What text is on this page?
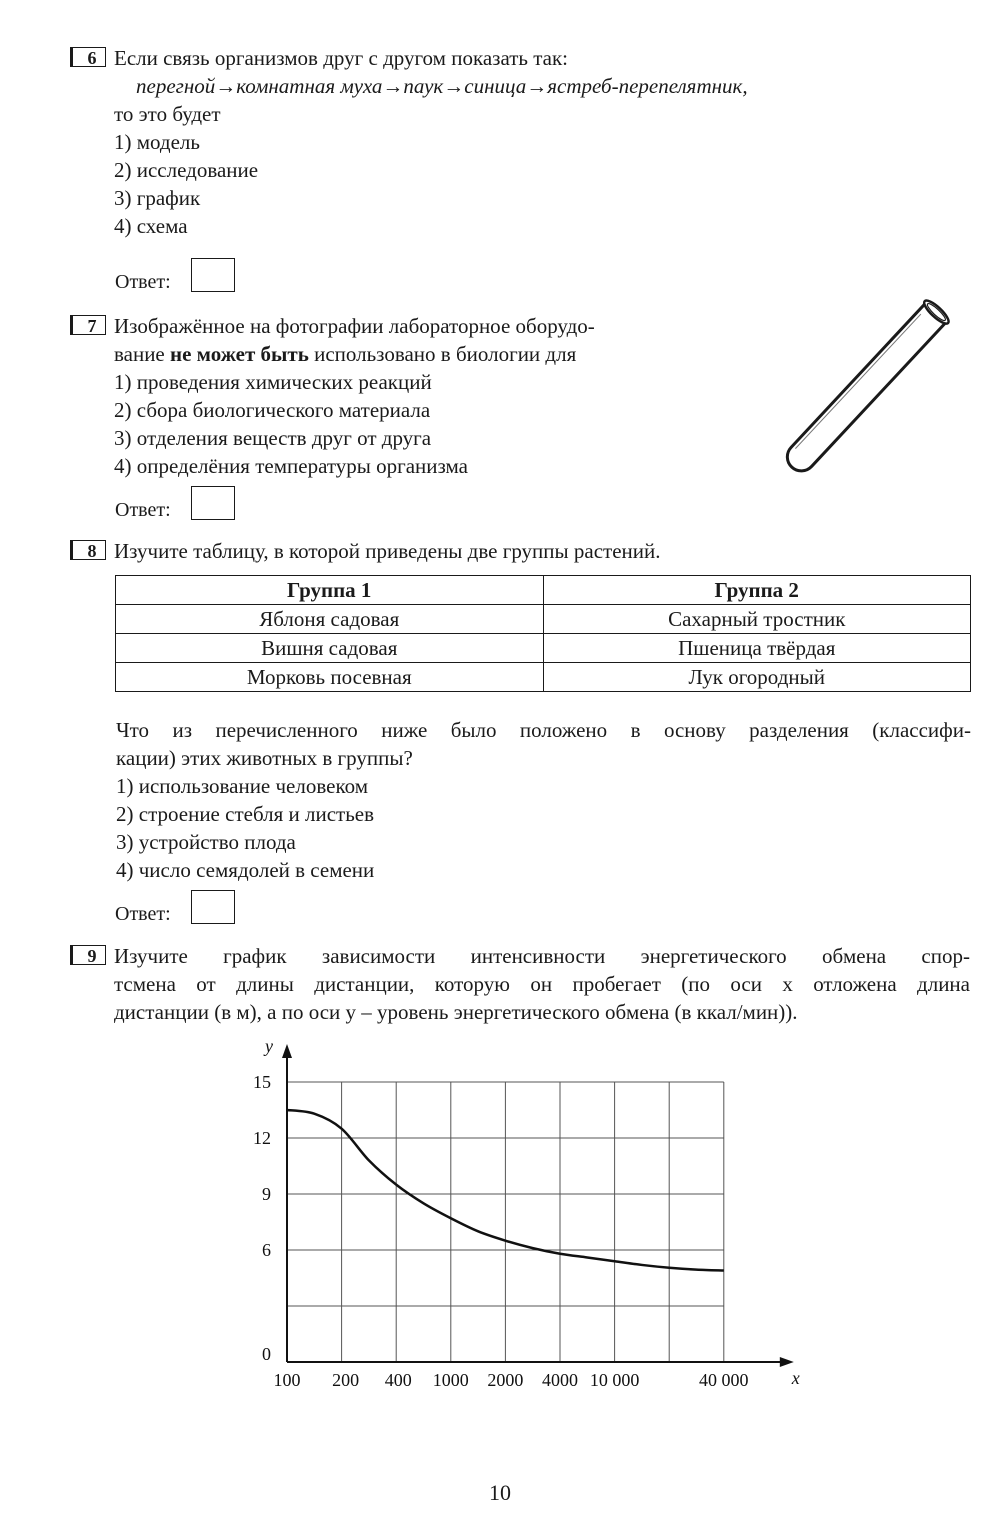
6 Если связь организмов друг с другом показать так:
перегной→комнатная муха→паук→синица→ястреб-перепелятник,
то это будет
1) модель
2) исследование
3) график
4) схема
Ответ:
7 Изображённое на фотографии лабораторное оборудо-
вание не может быть использовано в биологии для
1) проведения химических реакций
2) сбора биологического материала
3) отделения веществ друг от друга
4) определёния температуры организма
Ответ:
8 Изучите таблицу, в которой приведены две группы растений.
Группа 1	Группа 2
Яблоня садовая	Сахарный тростник
Вишня садовая	Пшеница твёрдая
Морковь посевная	Лук огородный
Что из перечисленного ниже было положено в основу разделения (классифи-
кации) этих животных в группы?
1) использование человеком
2) строение стебля и листьев
3) устройство плода
4) число семядолей в семени
Ответ:
9 Изучите график зависимости интенсивности энергетического обмена спор-
тсмена от длины дистанции, которую он пробегает (по оси x отложена длина
дистанции (в м), а по оси y – уровень энергетического обмена (в ккал/мин)).
y
x
0
6
9
12
15
100 200 400 1000 2000 4000 10 000	40 000
10
